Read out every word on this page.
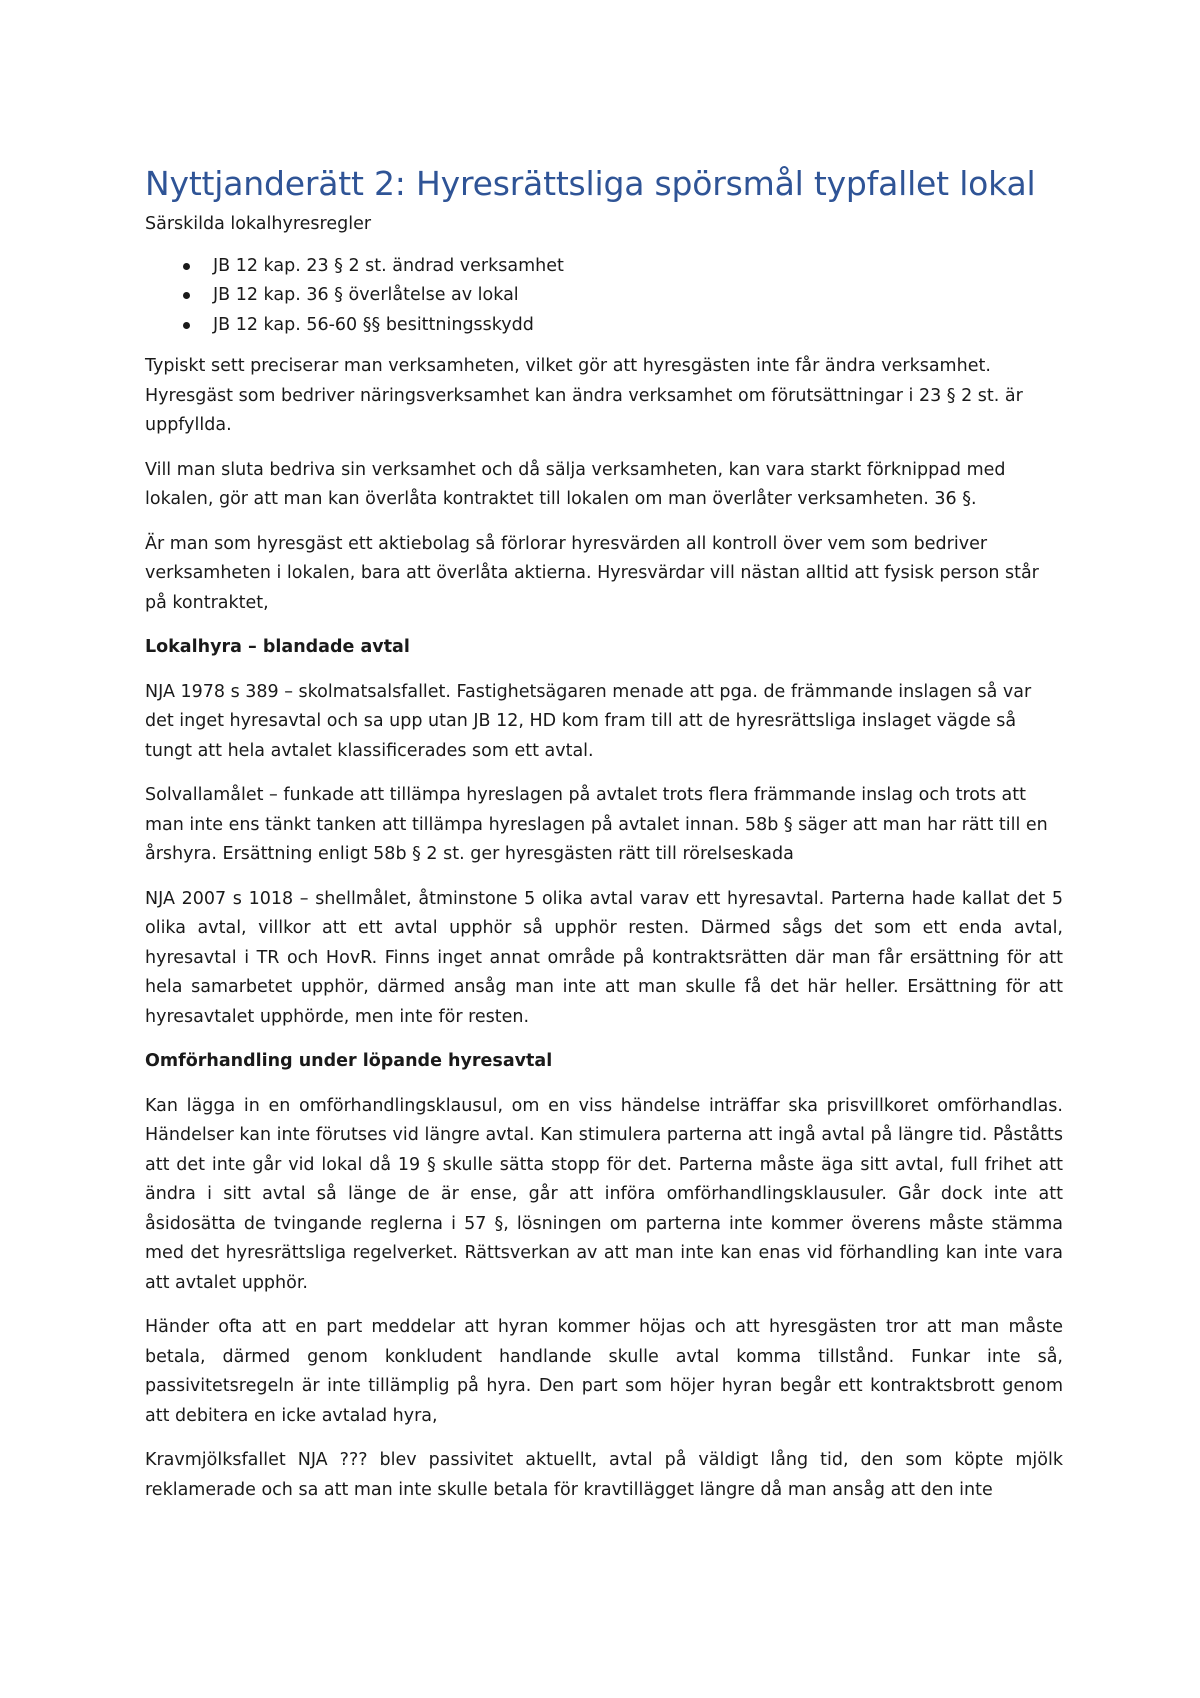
Nyttjanderätt 2: Hyresrättsliga spörsmål typfallet lokal

Särskilda lokalhyresregler

JB 12 kap. 23 § 2 st. ändrad verksamhet
JB 12 kap. 36 § överlåtelse av lokal
JB 12 kap. 56-60 §§ besittningsskydd

Typiskt sett preciserar man verksamheten, vilket gör att hyresgästen inte får ändra verksamhet. Hyresgäst som bedriver näringsverksamhet kan ändra verksamhet om förutsättningar i 23 § 2 st. är uppfyllda.

Vill man sluta bedriva sin verksamhet och då sälja verksamheten, kan vara starkt förknippad med lokalen, gör att man kan överlåta kontraktet till lokalen om man överlåter verksamheten. 36 §.

Är man som hyresgäst ett aktiebolag så förlorar hyresvärden all kontroll över vem som bedriver verksamheten i lokalen, bara att överlåta aktierna. Hyresvärdar vill nästan alltid att fysisk person står på kontraktet,

Lokalhyra – blandade avtal

NJA 1978 s 389 – skolmatsalsfallet. Fastighetsägaren menade att pga. de främmande inslagen så var det inget hyresavtal och sa upp utan JB 12, HD kom fram till att de hyresrättsliga inslaget vägde så tungt att hela avtalet klassificerades som ett avtal.

Solvallamålet – funkade att tillämpa hyreslagen på avtalet trots flera främmande inslag och trots att man inte ens tänkt tanken att tillämpa hyreslagen på avtalet innan. 58b § säger att man har rätt till en årshyra. Ersättning enligt 58b § 2 st. ger hyresgästen rätt till rörelseskada

NJA 2007 s 1018 – shellmålet, åtminstone 5 olika avtal varav ett hyresavtal. Parterna hade kallat det 5 olika avtal, villkor att ett avtal upphör så upphör resten. Därmed sågs det som ett enda avtal, hyresavtal i TR och HovR. Finns inget annat område på kontraktsrätten där man får ersättning för att hela samarbetet upphör, därmed ansåg man inte att man skulle få det här heller. Ersättning för att hyresavtalet upphörde, men inte för resten.

Omförhandling under löpande hyresavtal

Kan lägga in en omförhandlingsklausul, om en viss händelse inträffar ska prisvillkoret omförhandlas. Händelser kan inte förutses vid längre avtal. Kan stimulera parterna att ingå avtal på längre tid. Påståtts att det inte går vid lokal då 19 § skulle sätta stopp för det. Parterna måste äga sitt avtal, full frihet att ändra i sitt avtal så länge de är ense, går att införa omförhandlingsklausuler. Går dock inte att åsidosätta de tvingande reglerna i 57 §, lösningen om parterna inte kommer överens måste stämma med det hyresrättsliga regelverket. Rättsverkan av att man inte kan enas vid förhandling kan inte vara att avtalet upphör.

Händer ofta att en part meddelar att hyran kommer höjas och att hyresgästen tror att man måste betala, därmed genom konkludent handlande skulle avtal komma tillstånd. Funkar inte så, passivitetsregeln är inte tillämplig på hyra. Den part som höjer hyran begår ett kontraktsbrott genom att debitera en icke avtalad hyra,

Kravmjölksfallet NJA ??? blev passivitet aktuellt, avtal på väldigt lång tid, den som köpte mjölk reklamerade och sa att man inte skulle betala för kravtillägget längre då man ansåg att den inte
